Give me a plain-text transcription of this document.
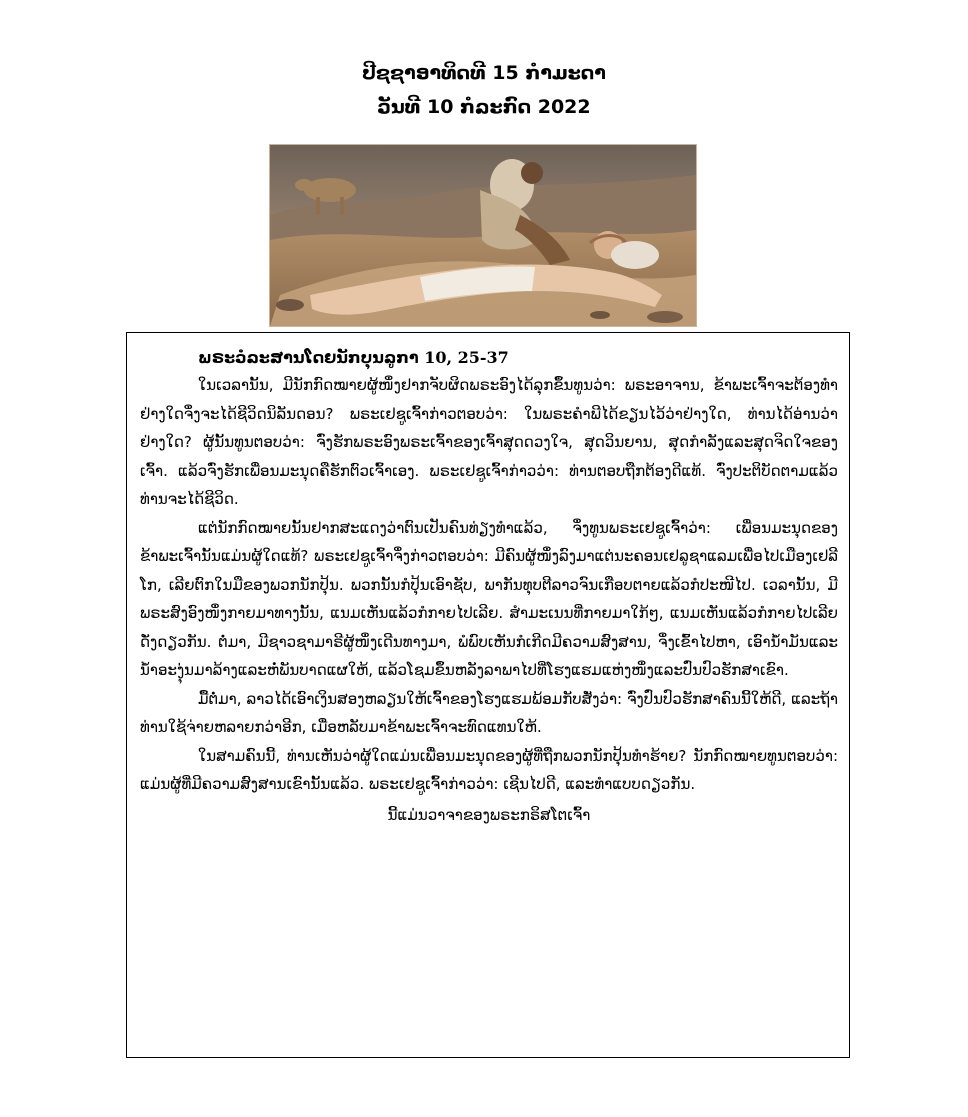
ປີຊຊາອາທິດທີ 15 ກຳມະດາ
ວັນທີ 10 ກໍລະກົດ 2022
ພຣະວໍລະສານໂດຍນັກບຸນລູກາ 10, 25-37

ໃນເວລານັ້ນ, ມີນັກກົດໝາຍຜູ້ໜຶ່ງຢາກຈັບຜິດພຣະອົງໄດ້ລຸກຂຶ້ນທູນວ່າ: ພຣະອາຈານ, ຂ້າພະເຈົ້າຈະຕ້ອງທຳຢ່າງໃດຈຶ່ງຈະໄດ້ຊີວິດນິລັນດອນ? ພຣະເຢຊູເຈົ້າກ່າວຕອບວ່າ: ໃນພຣະຄຳພີໄດ້ຂຽນໄວ້ວ່າຢ່າງໃດ, ທ່ານໄດ້ອ່ານວ່າຢ່າງໃດ? ຜູ້ນັ້ນທູນຕອບວ່າ: ຈົ່ງຮັກພຣະອົງພຣະເຈົ້າຂອງເຈົ້າສຸດດວງໃຈ, ສຸດວິນຍານ, ສຸດກຳລັງແລະສຸດຈິດໃຈຂອງເຈົ້າ. ແລ້ວຈົ່ງຮັກເພື່ອນມະນຸດຄືຮັກຕົວເຈົ້າເອງ. ພຣະເຢຊູເຈົ້າກ່າວວ່າ: ທ່ານຕອບຖືກຕ້ອງດີແທ້. ຈົ່ງປະຕິບັດຕາມແລ້ວທ່ານຈະໄດ້ຊີວິດ.

ແຕ່ນັກກົດໝາຍນັ້ນຢາກສະແດງວ່າຕົນເປັນຄົນທ່ຽງທຳແລ້ວ, ຈຶ່ງທູນພຣະເຢຊູເຈົ້າວ່າ: ເພື່ອນມະນຸດຂອງຂ້າພະເຈົ້ານັ້ນແມ່ນຜູ້ໃດແທ້? ພຣະເຢຊູເຈົ້າຈຶ່ງກ່າວຕອບວ່າ: ມີຄົນຜູ້ໜຶ່ງລົງມາແຕ່ນະຄອນເຢລູຊາແລມເພື່ອໄປເມືອງເຢລີໂກ, ເລີຍຕົກໃນມືຂອງພວກນັກປຸ້ນ. ພວກນັ້ນກໍປຸ້ນເອົາຊັບ, ພາກັນທຸບຕີລາວຈົນເກືອບຕາຍແລ້ວກໍປະໜີໄປ. ເວລານັ້ນ, ມີພຣະສົງອົງໜຶ່ງກາຍມາທາງນັ້ນ, ແນມເຫັນແລ້ວກໍກາຍໄປເລີຍ. ສຳມະເນນທີ່ກາຍມາໃກ້ໆ, ແນມເຫັນແລ້ວກໍກາຍໄປເລີຍດັ່ງດຽວກັນ. ຕໍ່ມາ, ມີຊາວຊາມາຣີຜູ້ໜຶ່ງເດີນທາງມາ, ພໍພົບເຫັນກໍເກີດມີຄວາມສົງສານ, ຈຶ່ງເຂົ້າໄປຫາ, ເອົານ້ຳມັນແລະນ້ຳອະງຸ່ນມາລ້າງແລະຫໍ່ພັນບາດແຜໃຫ້, ແລ້ວໂຊມຂຶ້ນຫລັງລາພາໄປທີ່ໂຮງແຮມແຫ່ງໜຶ່ງແລະປົ່ນປົວຮັກສາເຂົາ.

ມື້ຕໍ່ມາ, ລາວໄດ້ເອົາເງິນສອງຫລຽນໃຫ້ເຈົ້າຂອງໂຮງແຮມພ້ອມກັບສັ່ງວ່າ: ຈົ່ງປົ່ນປົວຮັກສາຄົນນີ້ໃຫ້ດີ, ແລະຖ້າທ່ານໃຊ້ຈ່າຍຫລາຍກວ່າອີກ, ເມື່ອຫລັບມາຂ້າພະເຈົ້າຈະທົດແທນໃຫ້.

ໃນສາມຄົນນີ້, ທ່ານເຫັນວ່າຜູ້ໃດແມ່ນເພື່ອນມະນຸດຂອງຜູ້ທີ່ຖືກພວກນັກປຸ້ນທຳຮ້າຍ? ນັກກົດໝາຍທູນຕອບວ່າ: ແມ່ນຜູ້ທີ່ມີຄວາມສົງສານເຂົານັ້ນແລ້ວ. ພຣະເຢຊູເຈົ້າກ່າວວ່າ: ເຊີນໄປດີ, ແລະທຳແບບດຽວກັນ.

ນີ້ແມ່ນວາຈາຂອງພຣະກຣິສໂຕເຈົ້າ
